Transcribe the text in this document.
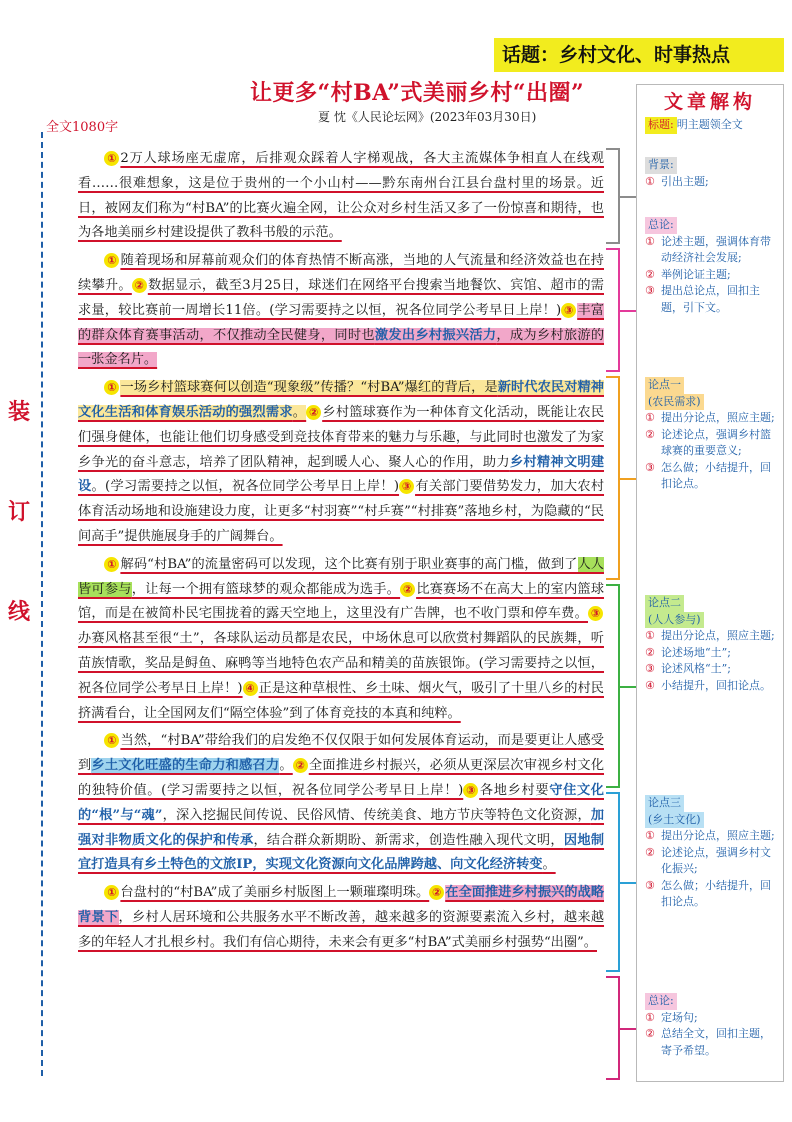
话题：乡村文化、时事热点
让更多“村BA”式美丽乡村“出圈”
夏 忱《人民论坛网》(2023年03月30日)
全文1080字
装
订
线

① 2万人球场座无虚席，后排观众踩着人字梯观战，各大主流媒体争相直人在线观看……很难想象，这是位于贵州的一个小山村——黔东南州台江县台盘村里的场景。近日，被网友们称为“村BA”的比赛火遍全网，让公众对乡村生活又多了一份惊喜和期待，也为各地美丽乡村建设提供了教科书般的示范。

① 随着现场和屏幕前观众们的体育热情不断高涨，当地的人气流量和经济效益也在持续攀升。 ② 数据显示，截至3月25日，球迷们在网络平台搜索当地餐饮、宾馆、超市的需求量，较比赛前一周增长11倍。(学习需要持之以恒，祝各位同学公考早日上岸！) ③ 丰富的群众体育赛事活动，不仅推动全民健身，同时也激发出乡村振兴活力，成为乡村旅游的一张金名片。

① 一场乡村篮球赛何以创造“现象级”传播？“村BA”爆红的背后，是新时代农民对精神文化生活和体育娱乐活动的强烈需求。 ② 乡村篮球赛作为一种体育文化活动，既能让农民们强身健体，也能让他们切身感受到竞技体育带来的魅力与乐趣，与此同时也激发了为家乡争光的奋斗意志，培养了团队精神，起到暖人心、聚人心的作用，助力乡村精神文明建设。(学习需要持之以恒，祝各位同学公考早日上岸！) ③ 有关部门要借势发力，加大农村体育活动场地和设施建设力度，让更多“村羽赛”“村乒赛”“村排赛”落地乡村，为隐藏的“民间高手”提供施展身手的广阔舞台。

① 解码“村BA”的流量密码可以发现，这个比赛有别于职业赛事的高门槛，做到了人人皆可参与，让每一个拥有篮球梦的观众都能成为选手。 ② 比赛赛场不在高大上的室内篮球馆，而是在被简朴民宅围拢着的露天空地上，这里没有广告牌，也不收门票和停车费。 ③办赛风格甚至很“土”，各球队运动员都是农民，中场休息可以欣赏村舞蹈队的民族舞，听苗族情歌，奖品是鲟鱼、麻鸭等当地特色农产品和精美的苗族银饰。(学习需要持之以恒，祝各位同学公考早日上岸！) ④ 正是这种草根性、乡土味、烟火气，吸引了十里八乡的村民挤满看台，让全国网友们“隔空体验”到了体育竞技的本真和纯粹。

① 当然，“村BA”带给我们的启发绝不仅仅限于如何发展体育运动，而是要更让人感受到乡土文化旺盛的生命力和感召力。 ② 全面推进乡村振兴，必须从更深层次审视乡村文化的独特价值。(学习需要持之以恒，祝各位同学公考早日上岸！) ③ 各地乡村要守住文化的“根”与“魂”，深入挖掘民间传说、民俗风情、传统美食、地方节庆等特色文化资源，加强对非物质文化的保护和传承，结合群众新期盼、新需求，创造性融入现代文明，因地制宜打造具有乡土特色的文旅IP，实现文化资源向文化品牌跨越、向文化经济转变。

① 台盘村的“村BA”成了美丽乡村版图上一颗璀璨明珠。 ② 在全面推进乡村振兴的战略背景下，乡村人居环境和公共服务水平不断改善，越来越多的资源要素流入乡村，越来越多的年轻人才扎根乡村。我们有信心期待，未来会有更多“村BA”式美丽乡村强势“出圈”。

文章解构
标题: 明主题领全文
背景:

① 引出主题;

总论:

① 论述主题，强调体育带动经济社会发展;

② 举例论证主题;

③ 提出总论点，回扣主题，引下文。

论点一
(农民需求)

① 提出分论点，照应主题;

② 论述论点，强调乡村篮球赛的重要意义;

③ 怎么做；小结提升，回扣论点。

论点二
(人人参与)

① 提出分论点，照应主题;

② 论述场地“土”;

③ 论述风格“土”;

④ 小结提升，回扣论点。

论点三
(乡土文化)

① 提出分论点，照应主题;

② 论述论点，强调乡村文化振兴;

③ 怎么做；小结提升，回扣论点。

总论:

① 定场句;

② 总结全文，回扣主题，寄予希望。
